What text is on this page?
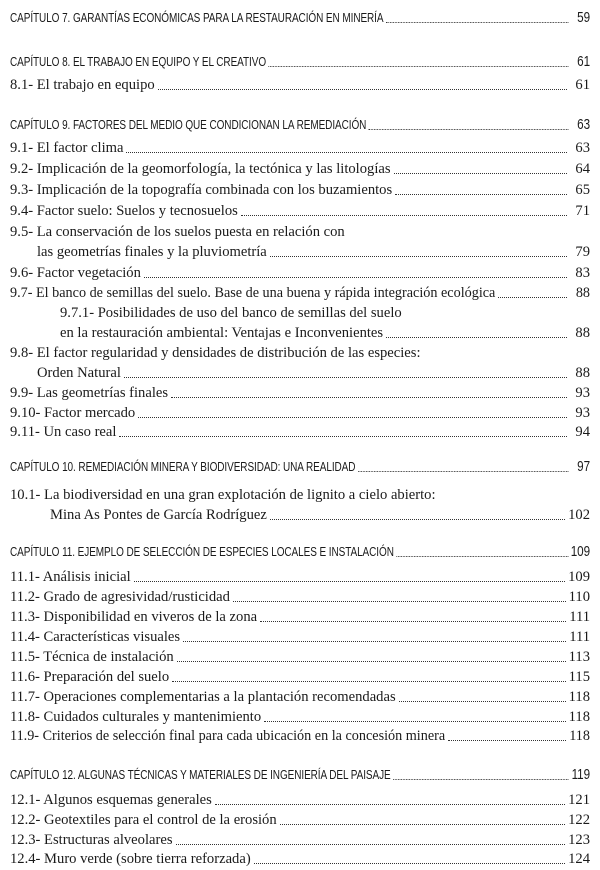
CAPÍTULO 7. GARANTÍAS ECONÓMICAS PARA LA RESTAURACIÓN EN MINERÍA	59
CAPÍTULO 8. EL TRABAJO EN EQUIPO Y EL CREATIVO	61
8.1- El trabajo en equipo	61
CAPÍTULO 9. FACTORES DEL MEDIO QUE CONDICIONAN LA REMEDIACIÓN	63
9.1- El factor clima	63
9.2- Implicación de la geomorfología, la tectónica y las litologías	64
9.3- Implicación de la topografía combinada con los buzamientos	65
9.4- Factor suelo: Suelos y tecnosuelos	71
9.5- La conservación de los suelos puesta en relación con
las geometrías finales y la pluviometría	79
9.6- Factor vegetación	83
9.7- El banco de semillas del suelo. Base de una buena y rápida integración ecológica	88
9.7.1- Posibilidades de uso del banco de semillas del suelo
en la restauración ambiental: Ventajas e Inconvenientes	88
9.8- El factor regularidad y densidades de distribución de las especies:
Orden Natural	88
9.9- Las geometrías finales	93
9.10- Factor mercado	93
9.11- Un caso real	94
CAPÍTULO 10. REMEDIACIÓN MINERA Y BIODIVERSIDAD: UNA REALIDAD	97
10.1- La biodiversidad en una gran explotación de lignito a cielo abierto:
Mina As Pontes de García Rodríguez	102
CAPÍTULO 11. EJEMPLO DE SELECCIÓN DE ESPECIES LOCALES E INSTALACIÓN	109
11.1- Análisis inicial	109
11.2- Grado de agresividad/rusticidad	110
11.3- Disponibilidad en viveros de la zona	111
11.4- Características visuales	111
11.5- Técnica de instalación	113
11.6- Preparación del suelo	115
11.7- Operaciones complementarias a la plantación recomendadas	118
11.8- Cuidados culturales y mantenimiento	118
11.9- Criterios de selección final para cada ubicación en la concesión minera	118
CAPÍTULO 12. ALGUNAS TÉCNICAS Y MATERIALES DE INGENIERÍA DEL PAISAJE	119
12.1- Algunos esquemas generales	121
12.2- Geotextiles para el control de la erosión	122
12.3- Estructuras alveolares	123
12.4- Muro verde (sobre tierra reforzada)	124
